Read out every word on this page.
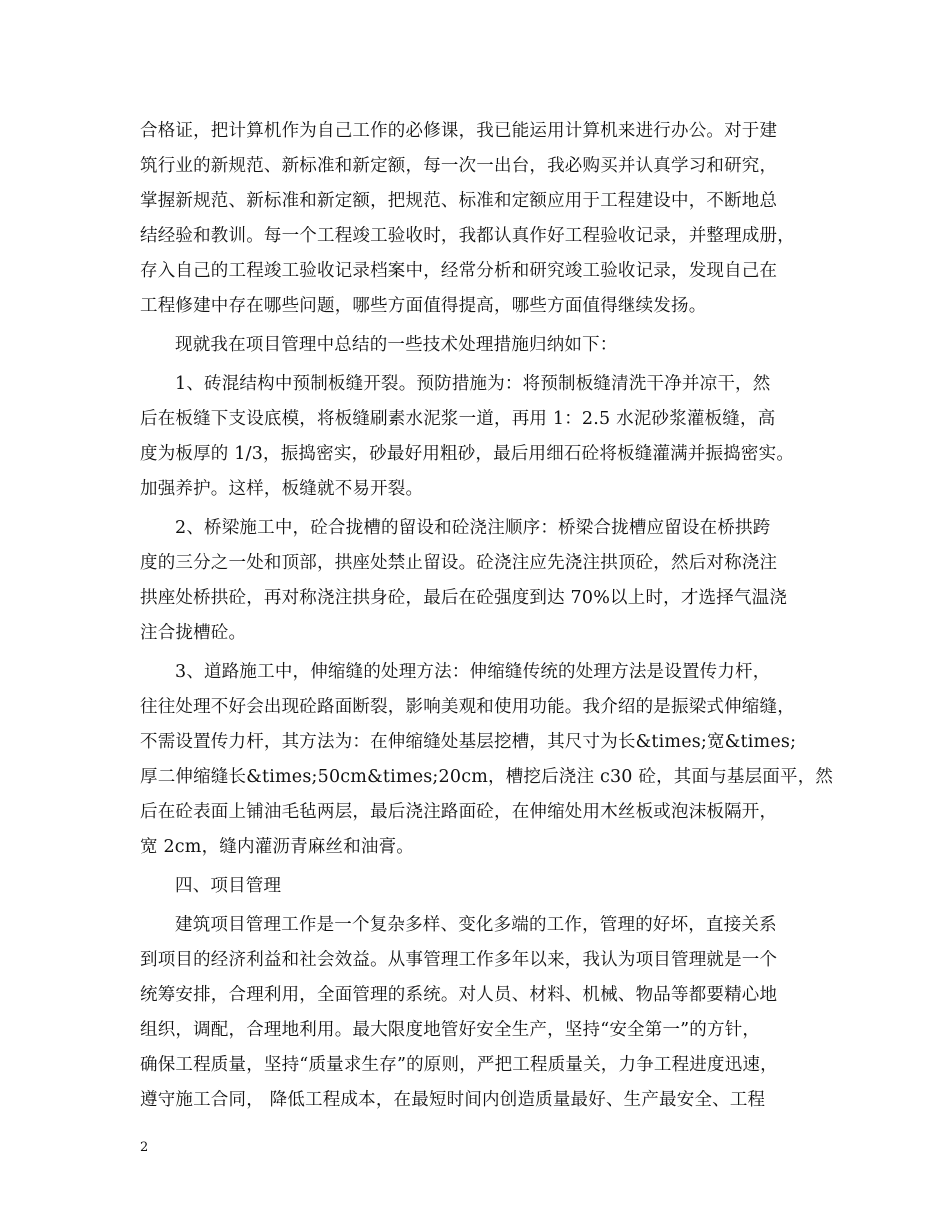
合格证，把计算机作为自己工作的必修课，我已能运用计算机来进行办公。对于建
筑行业的新规范、新标准和新定额，每一次一出台，我必购买并认真学习和研究，
掌握新规范、新标准和新定额，把规范、标准和定额应用于工程建设中，不断地总
结经验和教训。每一个工程竣工验收时，我都认真作好工程验收记录，并整理成册，
存入自己的工程竣工验收记录档案中，经常分析和研究竣工验收记录，发现自己在
工程修建中存在哪些问题，哪些方面值得提高，哪些方面值得继续发扬。
现就我在项目管理中总结的一些技术处理措施归纳如下：
1、砖混结构中预制板缝开裂。预防措施为：将预制板缝清洗干净并凉干，然
后在板缝下支设底模，将板缝刷素水泥浆一道，再用 1：2.5 水泥砂浆灌板缝，高
度为板厚的 1/3，振捣密实，砂最好用粗砂，最后用细石砼将板缝灌满并振捣密实。
加强养护。这样，板缝就不易开裂。
2、桥梁施工中，砼合拢槽的留设和砼浇注顺序：桥梁合拢槽应留设在桥拱跨
度的三分之一处和顶部，拱座处禁止留设。砼浇注应先浇注拱顶砼，然后对称浇注
拱座处桥拱砼，再对称浇注拱身砼，最后在砼强度到达 70%以上时，才选择气温浇
注合拢槽砼。
3、道路施工中，伸缩缝的处理方法：伸缩缝传统的处理方法是设置传力杆，
往往处理不好会出现砼路面断裂，影响美观和使用功能。我介绍的是振梁式伸缩缝，
不需设置传力杆，其方法为：在伸缩缝处基层挖槽，其尺寸为长&times;宽&times;
厚二伸缩缝长&times;50cm&times;20cm，槽挖后浇注 c30 砼，其面与基层面平，然
后在砼表面上铺油毛毡两层，最后浇注路面砼，在伸缩处用木丝板或泡沫板隔开，
宽 2cm，缝内灌沥青麻丝和油膏。
四、项目管理
建筑项目管理工作是一个复杂多样、变化多端的工作，管理的好坏，直接关系
到项目的经济利益和社会效益。从事管理工作多年以来，我认为项目管理就是一个
统筹安排，合理利用，全面管理的系统。对人员、材料、机械、物品等都要精心地
组织，调配，合理地利用。最大限度地管好安全生产，坚持“安全第一”的方针，
确保工程质量，坚持“质量求生存”的原则，严把工程质量关，力争工程进度迅速，
遵守施工合同， 降低工程成本，在最短时间内创造质量最好、生产最安全、工程
2
